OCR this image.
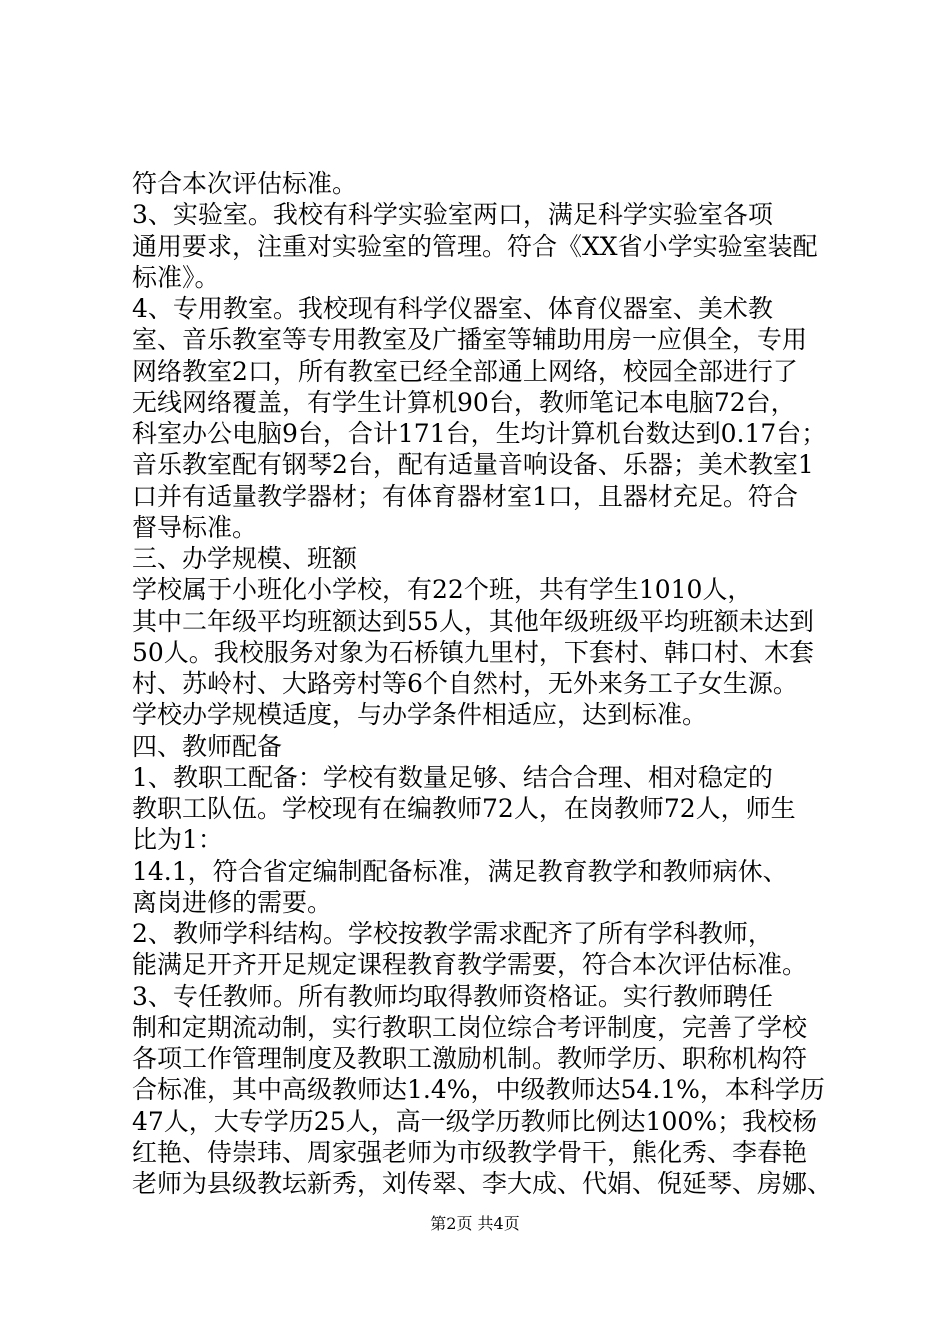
符合本次评估标准。
3、实验室。我校有科学实验室两口，满足科学实验室各项
通用要求，注重对实验室的管理。符合《XX省小学实验室装配
标准》。
4、专用教室。我校现有科学仪器室、体育仪器室、美术教
室、音乐教室等专用教室及广播室等辅助用房一应俱全，专用
网络教室2口，所有教室已经全部通上网络，校园全部进行了
无线网络覆盖，有学生计算机90台，教师笔记本电脑72台，
科室办公电脑9台，合计171台，生均计算机台数达到0.17台；
音乐教室配有钢琴2台，配有适量音响设备、乐器；美术教室1
口并有适量教学器材；有体育器材室1口，且器材充足。符合
督导标准。
三、办学规模、班额
学校属于小班化小学校，有22个班，共有学生1010人，
其中二年级平均班额达到55人，其他年级班级平均班额未达到
50人。我校服务对象为石桥镇九里村，下套村、韩口村、木套
村、苏岭村、大路旁村等6个自然村，无外来务工子女生源。
学校办学规模适度，与办学条件相适应，达到标准。
四、教师配备
1、教职工配备：学校有数量足够、结合合理、相对稳定的
教职工队伍。学校现有在编教师72人，在岗教师72人，师生
比为1：
14.1，符合省定编制配备标准，满足教育教学和教师病休、
离岗进修的需要。
2、教师学科结构。学校按教学需求配齐了所有学科教师，
能满足开齐开足规定课程教育教学需要，符合本次评估标准。
3、专任教师。所有教师均取得教师资格证。实行教师聘任
制和定期流动制，实行教职工岗位综合考评制度，完善了学校
各项工作管理制度及教职工激励机制。教师学历、职称机构符
合标准，其中高级教师达1.4%，中级教师达54.1%，本科学历
47人，大专学历25人，高一级学历教师比例达100%；我校杨
红艳、侍崇玮、周家强老师为市级教学骨干，熊化秀、李春艳
老师为县级教坛新秀，刘传翠、李大成、代娟、倪延琴、房娜、
第2页 共4页
